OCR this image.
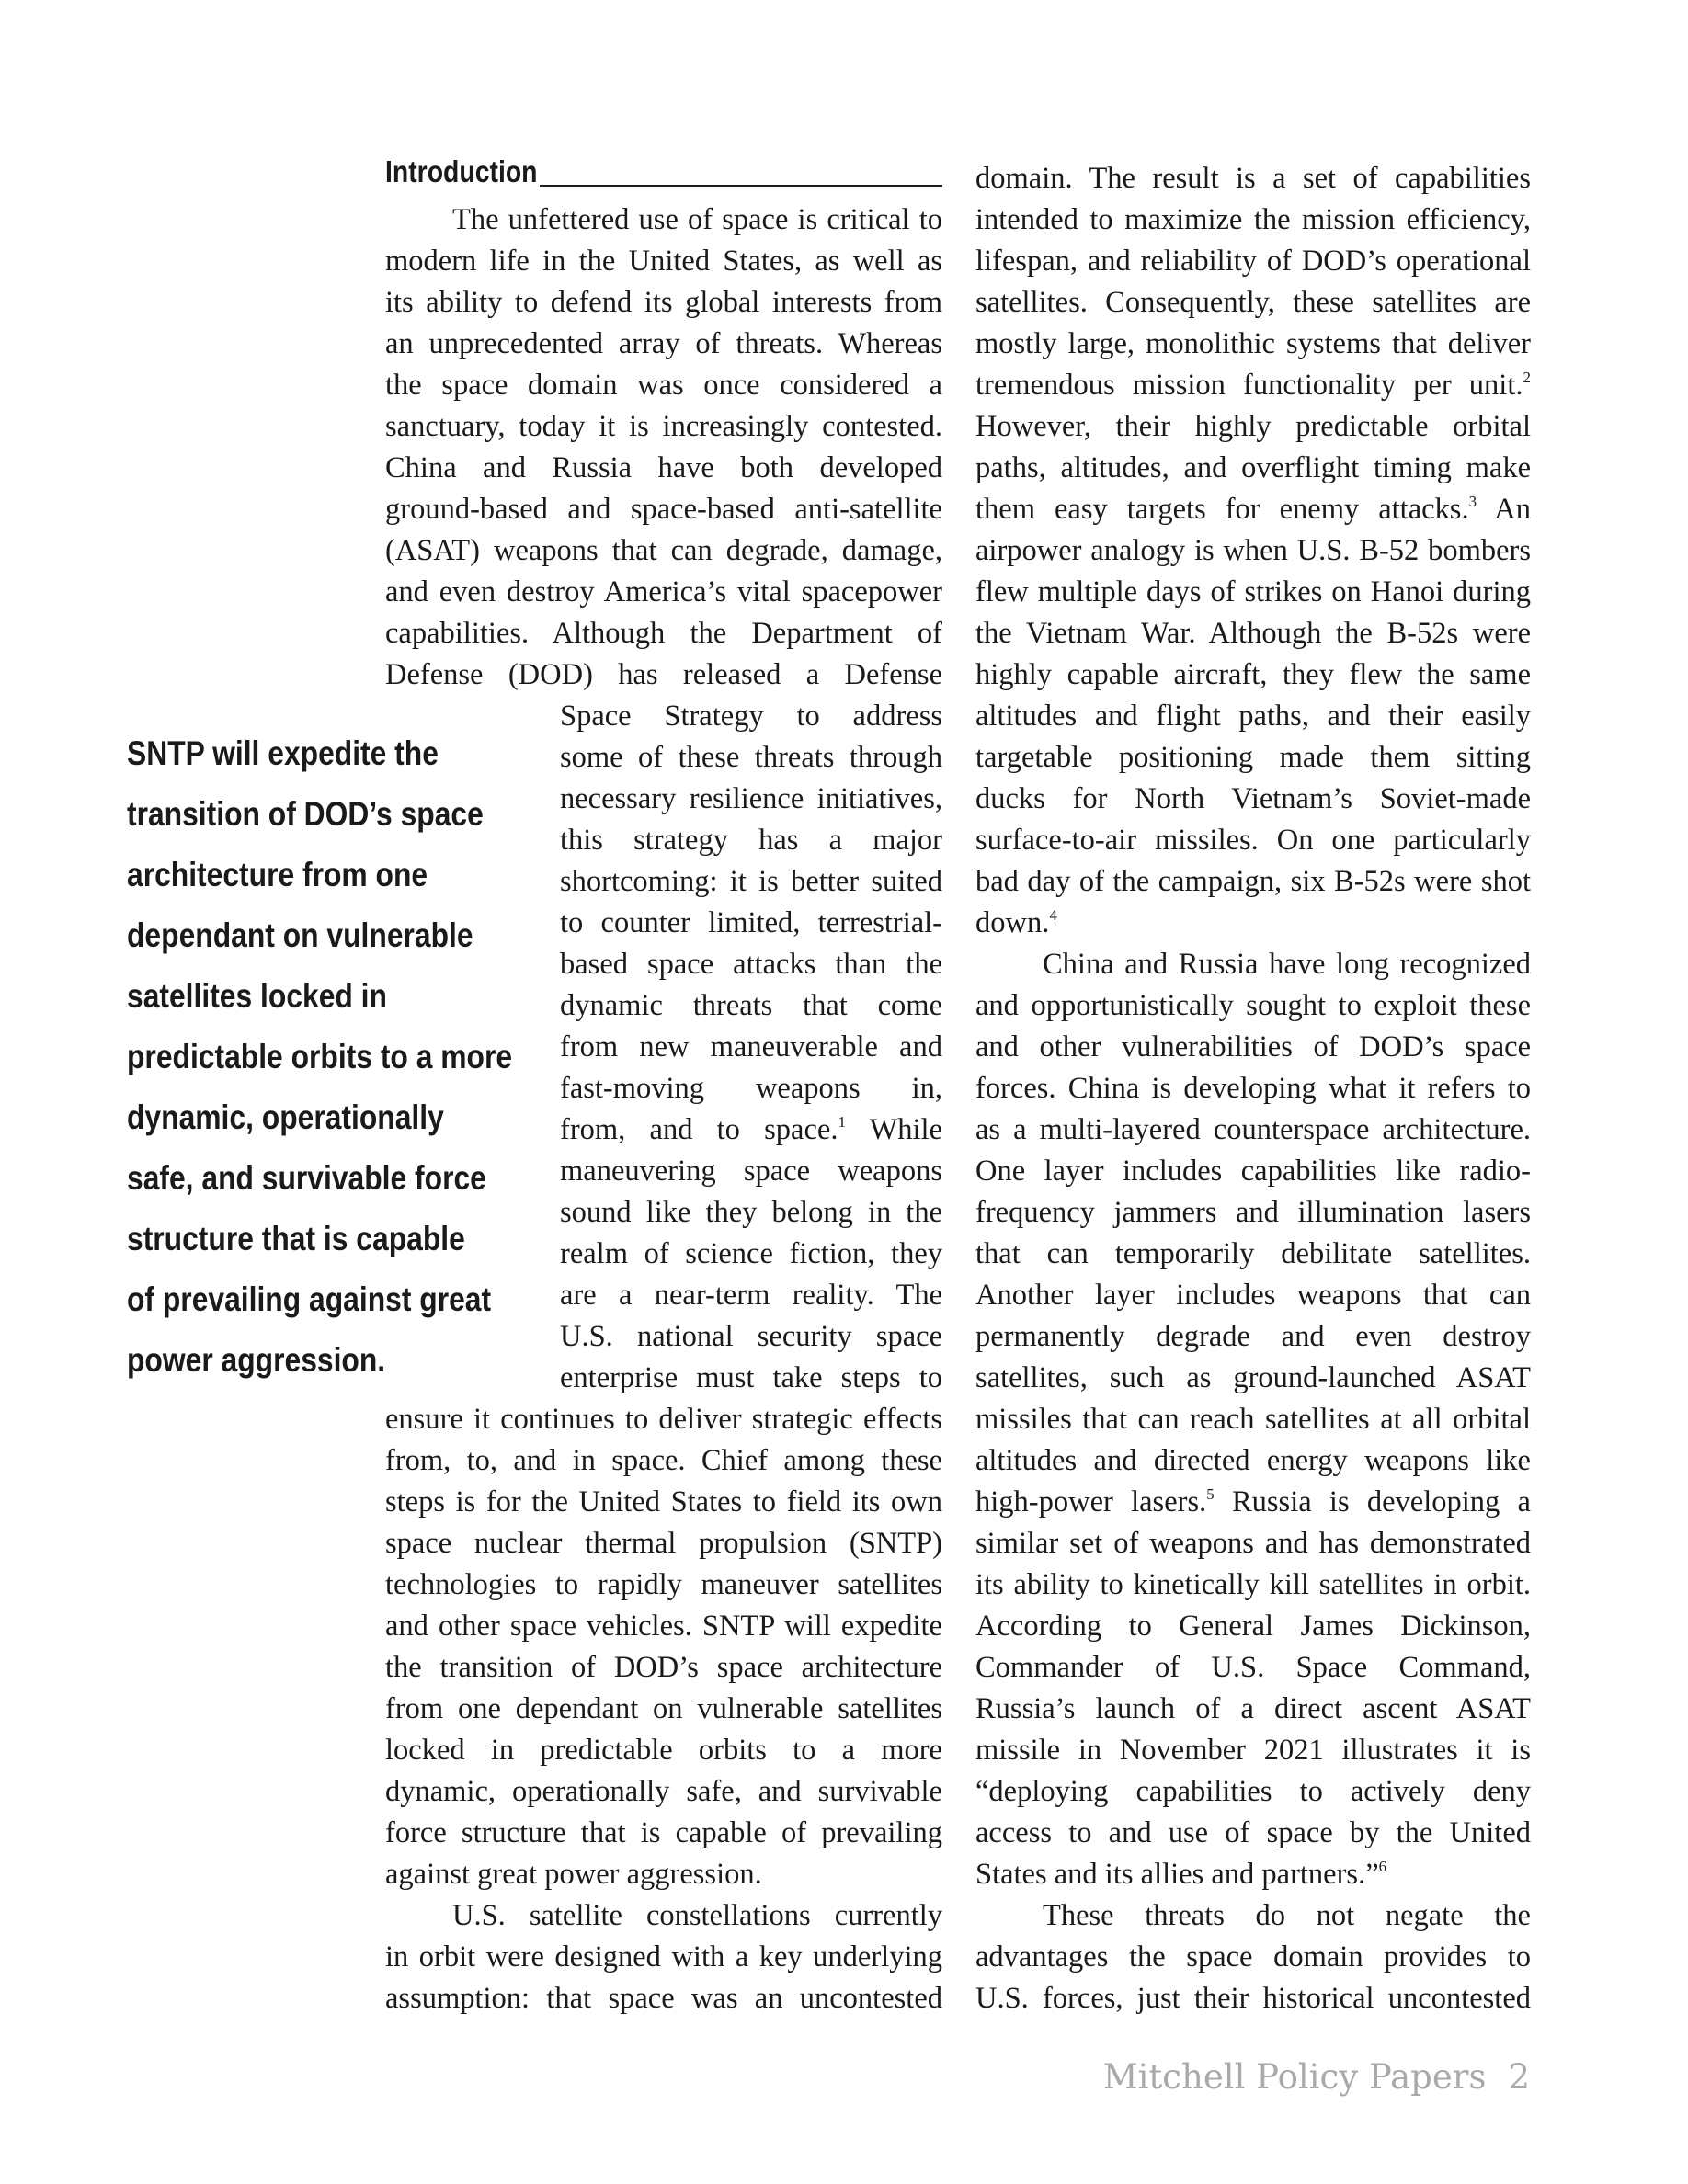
Introduction
SNTP will expedite the
transition of DOD’s space
architecture from one
dependant on vulnerable
satellites locked in
predictable orbits to a more
dynamic, operationally
safe, and survivable force
structure that is capable
of prevailing against great
power aggression.
The unfettered use of space is critical to
modern life in the United States, as well as
its ability to defend its global interests from
an unprecedented array of threats. Whereas
the space domain was once considered a
sanctuary, today it is increasingly contested.
China and Russia have both developed
ground-based and space-based anti-satellite
(ASAT) weapons that can degrade, damage,
and even destroy America’s vital spacepower
capabilities. Although the Department of
Defense (DOD) has released a Defense
Space Strategy to address
some of these threats through
necessary resilience initiatives,
this strategy has a major
shortcoming: it is better suited
to counter limited, terrestrial-
based space attacks than the
dynamic threats that come
from new maneuverable and
fast-moving weapons in,
from, and to space.$^1$ While
maneuvering space weapons
sound like they belong in the
realm of science fiction, they
are a near-term reality. The
U.S. national security space
enterprise must take steps to
ensure it continues to deliver strategic effects
from, to, and in space. Chief among these
steps is for the United States to field its own
space nuclear thermal propulsion (SNTP)
technologies to rapidly maneuver satellites
and other space vehicles. SNTP will expedite
the transition of DOD’s space architecture
from one dependant on vulnerable satellites
locked in predictable orbits to a more
dynamic, operationally safe, and survivable
force structure that is capable of prevailing
against great power aggression.
U.S. satellite constellations currently
in orbit were designed with a key underlying
assumption: that space was an uncontested
domain. The result is a set of capabilities
intended to maximize the mission efficiency,
lifespan, and reliability of DOD’s operational
satellites. Consequently, these satellites are
mostly large, monolithic systems that deliver
tremendous mission functionality per unit.$^2$
However, their highly predictable orbital
paths, altitudes, and overflight timing make
them easy targets for enemy attacks.$^3$ An
airpower analogy is when U.S. B-52 bombers
flew multiple days of strikes on Hanoi during
the Vietnam War. Although the B-52s were
highly capable aircraft, they flew the same
altitudes and flight paths, and their easily
targetable positioning made them sitting
ducks for North Vietnam’s Soviet-made
surface-to-air missiles. On one particularly
bad day of the campaign, six B-52s were shot
down.$^4$
China and Russia have long recognized
and opportunistically sought to exploit these
and other vulnerabilities of DOD’s space
forces. China is developing what it refers to
as a multi-layered counterspace architecture.
One layer includes capabilities like radio-
frequency jammers and illumination lasers
that can temporarily debilitate satellites.
Another layer includes weapons that can
permanently degrade and even destroy
satellites, such as ground-launched ASAT
missiles that can reach satellites at all orbital
altitudes and directed energy weapons like
high-power lasers.$^5$ Russia is developing a
similar set of weapons and has demonstrated
its ability to kinetically kill satellites in orbit.
According to General James Dickinson,
Commander of U.S. Space Command,
Russia’s launch of a direct ascent ASAT
missile in November 2021 illustrates it is
“deploying capabilities to actively deny
access to and use of space by the United
States and its allies and partners.”$^6$
These threats do not negate the
advantages the space domain provides to
U.S. forces, just their historical uncontested
Mitchell Policy Papers 2
